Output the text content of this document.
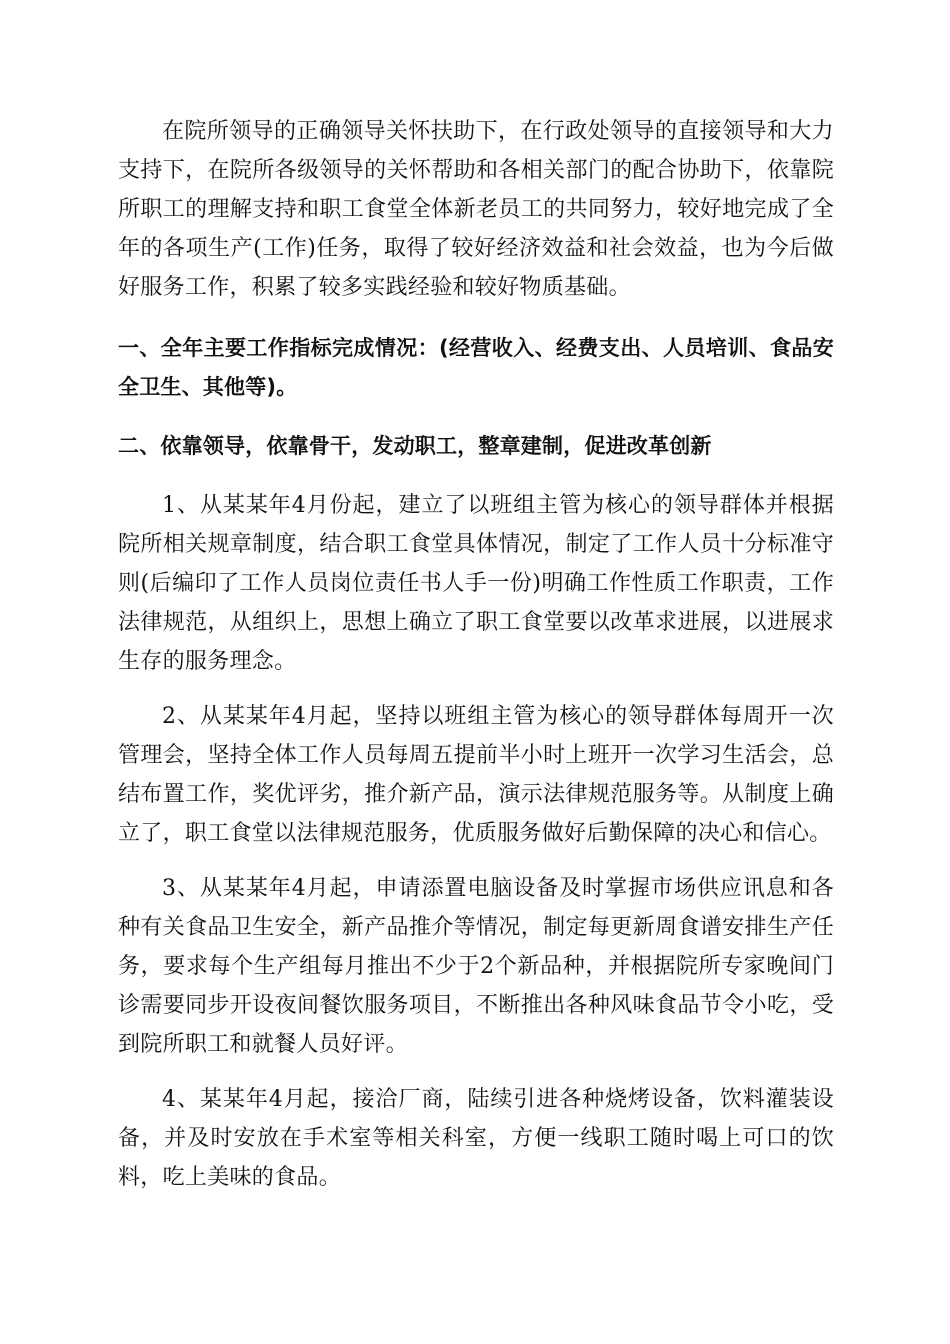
在院所领导的正确领导关怀扶助下，在行政处领导的直接领导和大力支持下，在院所各级领导的关怀帮助和各相关部门的配合协助下，依靠院所职工的理解支持和职工食堂全体新老员工的共同努力，较好地完成了全年的各项生产(工作)任务，取得了较好经济效益和社会效益，也为今后做好服务工作，积累了较多实践经验和较好物质基础。

一、全年主要工作指标完成情况：(经营收入、经费支出、人员培训、食品安全卫生、其他等)。

二、依靠领导，依靠骨干，发动职工，整章建制，促进改革创新

1、从某某年4月份起，建立了以班组主管为核心的领导群体并根据院所相关规章制度，结合职工食堂具体情况，制定了工作人员十分标准守则(后编印了工作人员岗位责任书人手一份)明确工作性质工作职责，工作法律规范，从组织上，思想上确立了职工食堂要以改革求进展，以进展求生存的服务理念。

2、从某某年4月起，坚持以班组主管为核心的领导群体每周开一次管理会，坚持全体工作人员每周五提前半小时上班开一次学习生活会，总结布置工作，奖优评劣，推介新产品，演示法律规范服务等。从制度上确立了，职工食堂以法律规范服务，优质服务做好后勤保障的决心和信心。

3、从某某年4月起，申请添置电脑设备及时掌握市场供应讯息和各种有关食品卫生安全，新产品推介等情况，制定每更新周食谱安排生产任务，要求每个生产组每月推出不少于2个新品种，并根据院所专家晚间门诊需要同步开设夜间餐饮服务项目，不断推出各种风味食品节令小吃，受到院所职工和就餐人员好评。

4、某某年4月起，接洽厂商，陆续引进各种烧烤设备，饮料灌装设备，并及时安放在手术室等相关科室，方便一线职工随时喝上可口的饮料，吃上美味的食品。
